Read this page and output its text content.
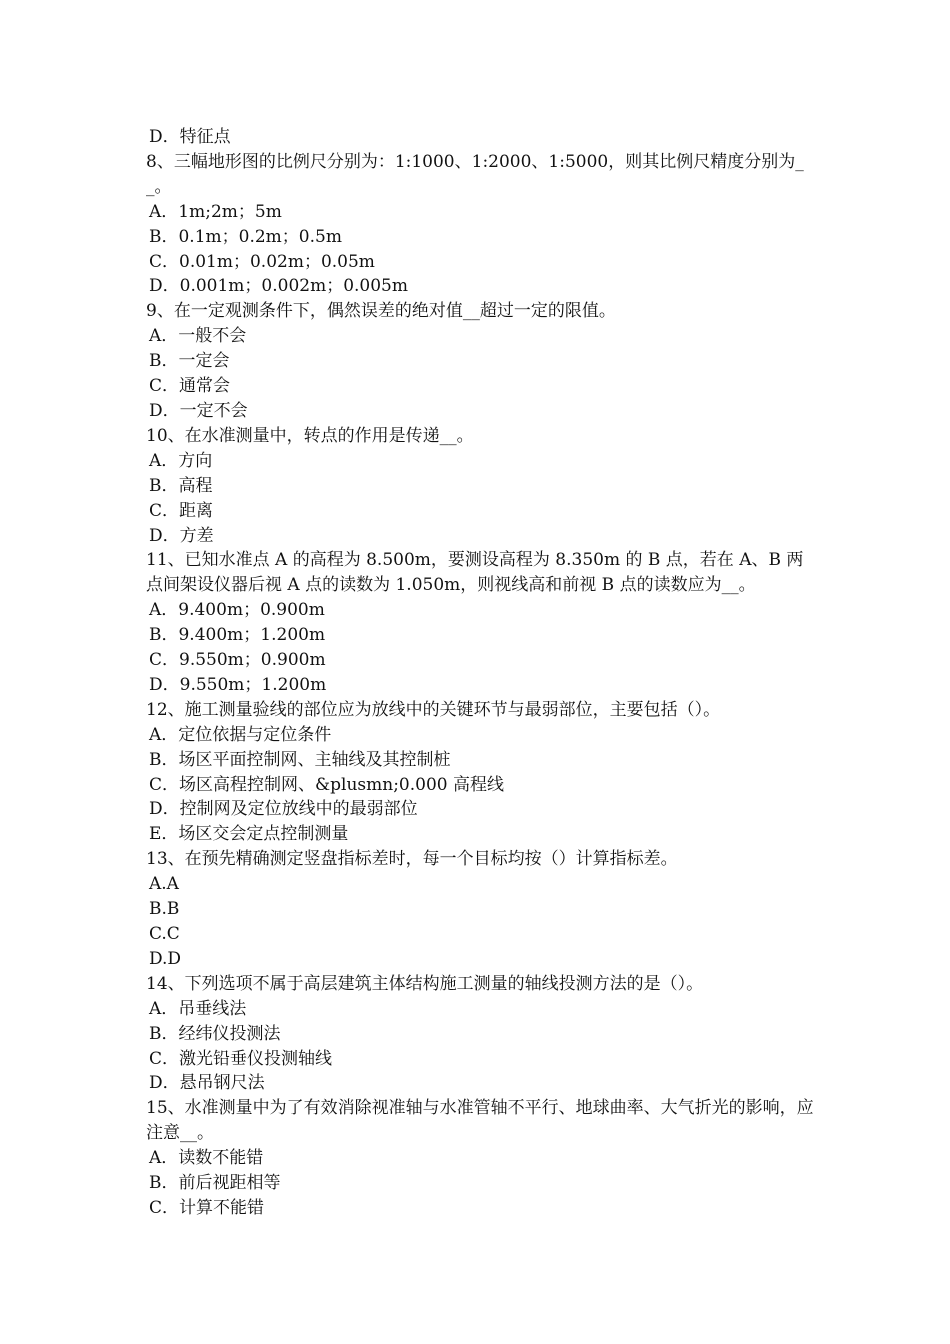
D．特征点
8、三幅地形图的比例尺分别为：1:1000、1:2000、1:5000，则其比例尺精度分别为__。
A．1m;2m；5m
B．0.1m；0.2m；0.5m
C．0.01m；0.02m；0.05m
D．0.001m；0.002m；0.005m
9、在一定观测条件下，偶然误差的绝对值__超过一定的限值。
A．一般不会
B．一定会
C．通常会
D．一定不会
10、在水准测量中，转点的作用是传递__。
A．方向
B．高程
C．距离
D．方差
11、已知水准点 A 的高程为 8.500m，要测设高程为 8.350m 的 B 点，若在 A、B 两点间架设仪器后视 A 点的读数为 1.050m，则视线高和前视 B 点的读数应为__。
A．9.400m；0.900m
B．9.400m；1.200m
C．9.550m；0.900m
D．9.550m；1.200m
12、施工测量验线的部位应为放线中的关键环节与最弱部位，主要包括（）。
A．定位依据与定位条件
B．场区平面控制网、主轴线及其控制桩
C．场区高程控制网、&plusmn;0.000 高程线
D．控制网及定位放线中的最弱部位
E．场区交会定点控制测量
13、在预先精确测定竖盘指标差时，每一个目标均按（）计算指标差。
A.A
B.B
C.C
D.D
14、下列选项不属于高层建筑主体结构施工测量的轴线投测方法的是（）。
A．吊垂线法
B．经纬仪投测法
C．激光铅垂仪投测轴线
D．悬吊钢尺法
15、水准测量中为了有效消除视准轴与水准管轴不平行、地球曲率、大气折光的影响，应注意__。
A．读数不能错
B．前后视距相等
C．计算不能错
